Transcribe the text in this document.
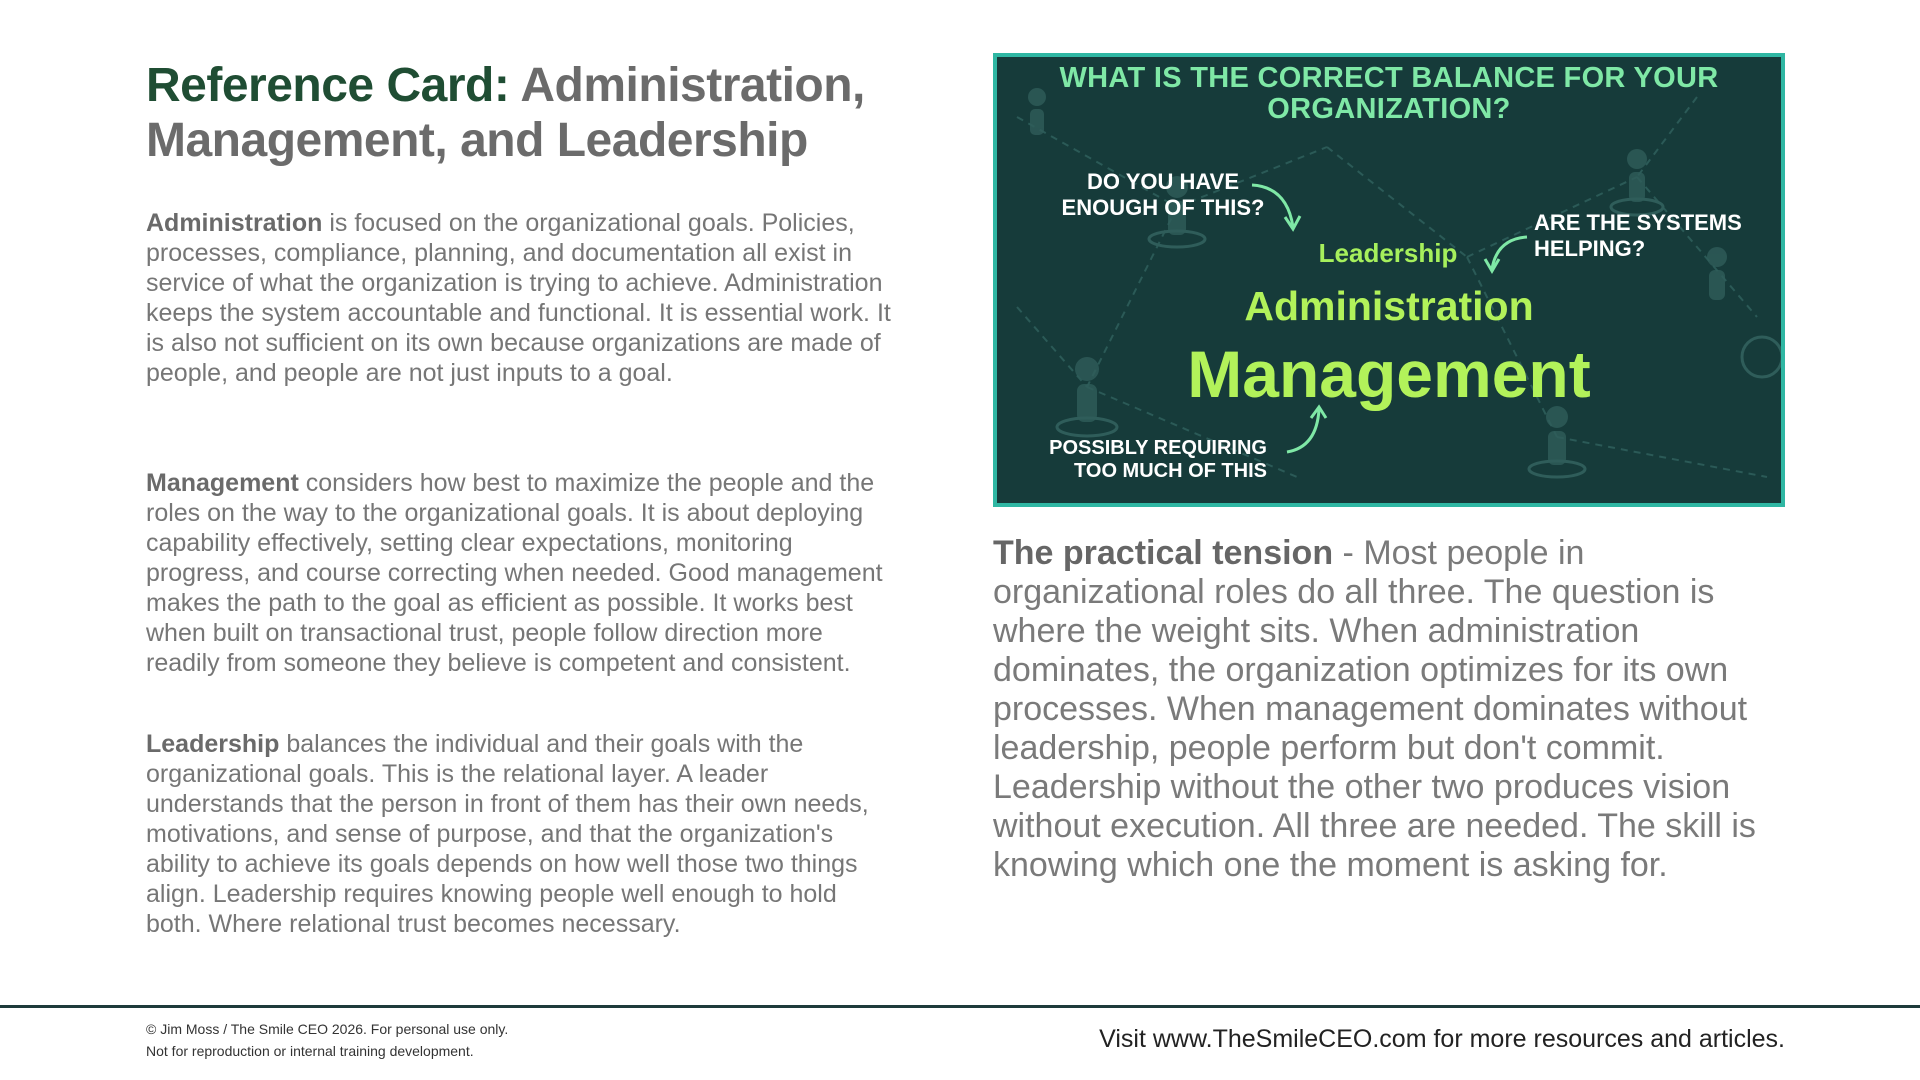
Reference Card: Administration, Management, and Leadership

Administration is focused on the organizational goals. Policies, processes, compliance, planning, and documentation all exist in service of what the organization is trying to achieve. Administration keeps the system accountable and functional. It is essential work. It is also not sufficient on its own because organizations are made of people, and people are not just inputs to a goal.

Management considers how best to maximize the people and the roles on the way to the organizational goals. It is about deploying capability effectively, setting clear expectations, monitoring progress, and course correcting when needed. Good management makes the path to the goal as efficient as possible. It works best when built on transactional trust, people follow direction more readily from someone they believe is competent and consistent.

Leadership balances the individual and their goals with the organizational goals. This is the relational layer. A leader understands that the person in front of them has their own needs, motivations, and sense of purpose, and that the organization's ability to achieve its goals depends on how well those two things align. Leadership requires knowing people well enough to hold both. Where relational trust becomes necessary.

WHAT IS THE CORRECT BALANCE FOR YOUR ORGANIZATION?
DO YOU HAVE ENOUGH OF THIS?
ARE THE SYSTEMS HELPING?
Leadership
Administration
Management
POSSIBLY REQUIRING TOO MUCH OF THIS

The practical tension - Most people in organizational roles do all three. The question is where the weight sits. When administration dominates, the organization optimizes for its own processes. When management dominates without leadership, people perform but don't commit. Leadership without the other two produces vision without execution. All three are needed. The skill is knowing which one the moment is asking for.

© Jim Moss / The Smile CEO 2026. For personal use only.
Not for reproduction or internal training development.	Visit www.TheSmileCEO.com for more resources and articles.
